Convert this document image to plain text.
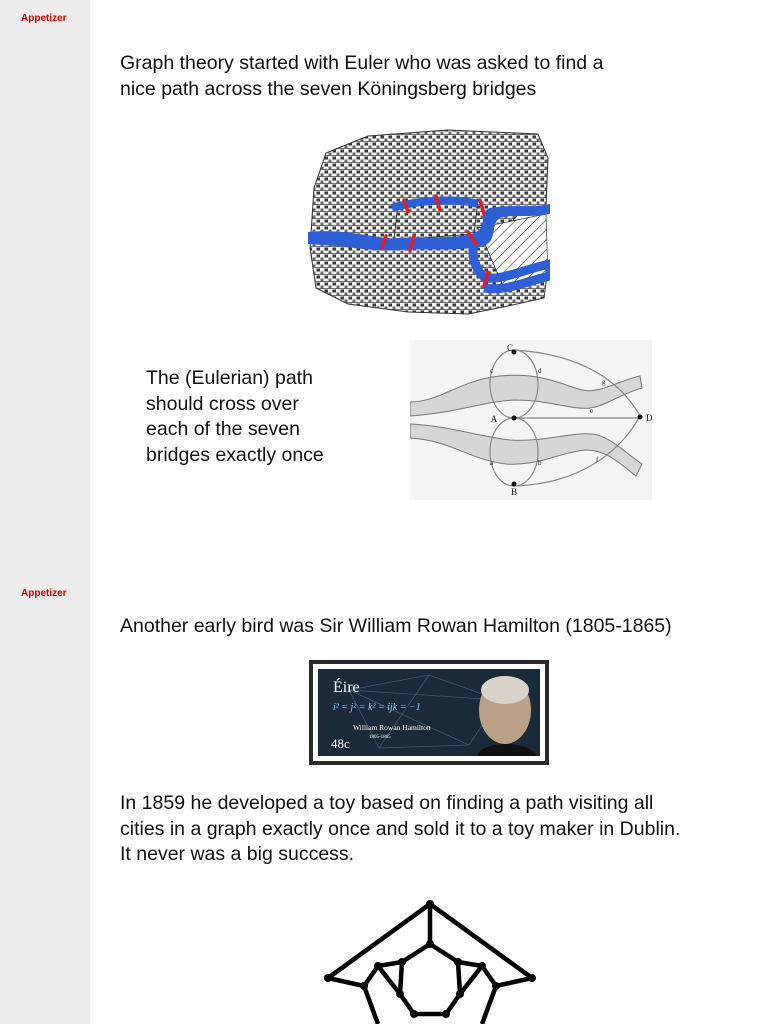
Appetizer
Graph theory started with Euler who was asked to find a
nice path across the seven Köningsberg bridges
The (Eulerian) path
should cross over
each of the seven
bridges exactly once
C
A
B
D
c	d
a	b
e
f
g
Appetizer
Another early bird was Sir William Rowan Hamilton (1805-1865)
Éire
i² = j² = k² = ijk = −1
William Rowan Hamilton
1805-1865
48c
In 1859 he developed a toy based on finding a path visiting all
cities in a graph exactly once and sold it to a toy maker in Dublin.
It never was a big success.
